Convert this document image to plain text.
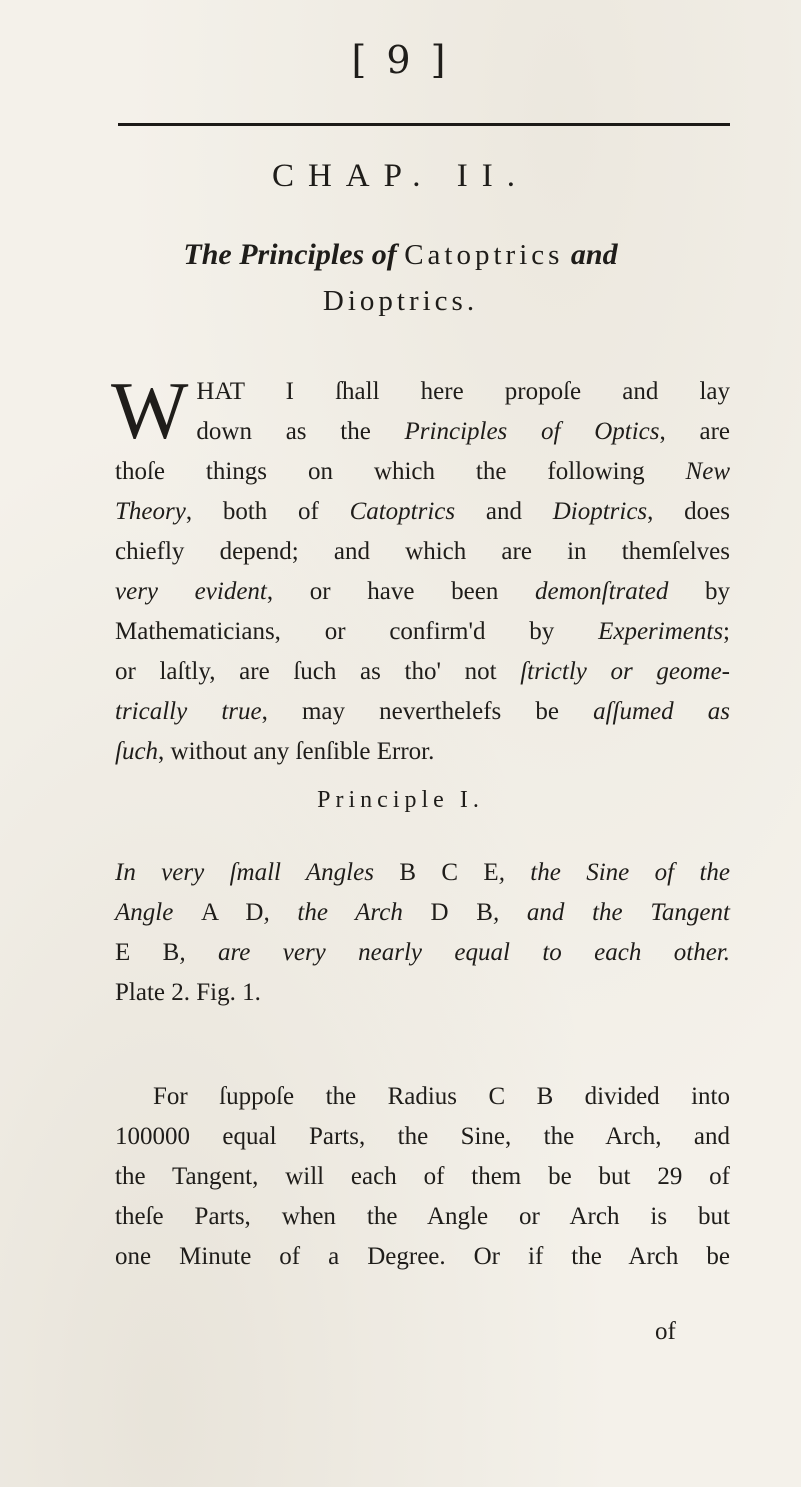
[ 9 ]
CHAP. II.
The Principles of Catoptrics and
Dioptrics.
W HAT I ſhall here propoſe and lay
down as the Principles of Optics, are
thoſe things on which the following New
Theory, both of Catoptrics and Dioptrics, does
chiefly depend; and which are in themſelves
very evident, or have been demonſtrated by
Mathematicians, or confirm'd by Experiments;
or laſtly, are ſuch as tho' not ſtrictly or geome-
trically true, may neverthelefs be aſſumed as
ſuch, without any ſenſible Error.
Principle I.
In very ſmall Angles B C E, the Sine of the
Angle A D, the Arch D B, and the Tangent
E B, are very nearly equal to each other.
Plate 2. Fig. 1.
For ſuppoſe the Radius C B divided into
100000 equal Parts, the Sine, the Arch, and
the Tangent, will each of them be but 29 of
theſe Parts, when the Angle or Arch is but
one Minute of a Degree. Or if the Arch be
of
